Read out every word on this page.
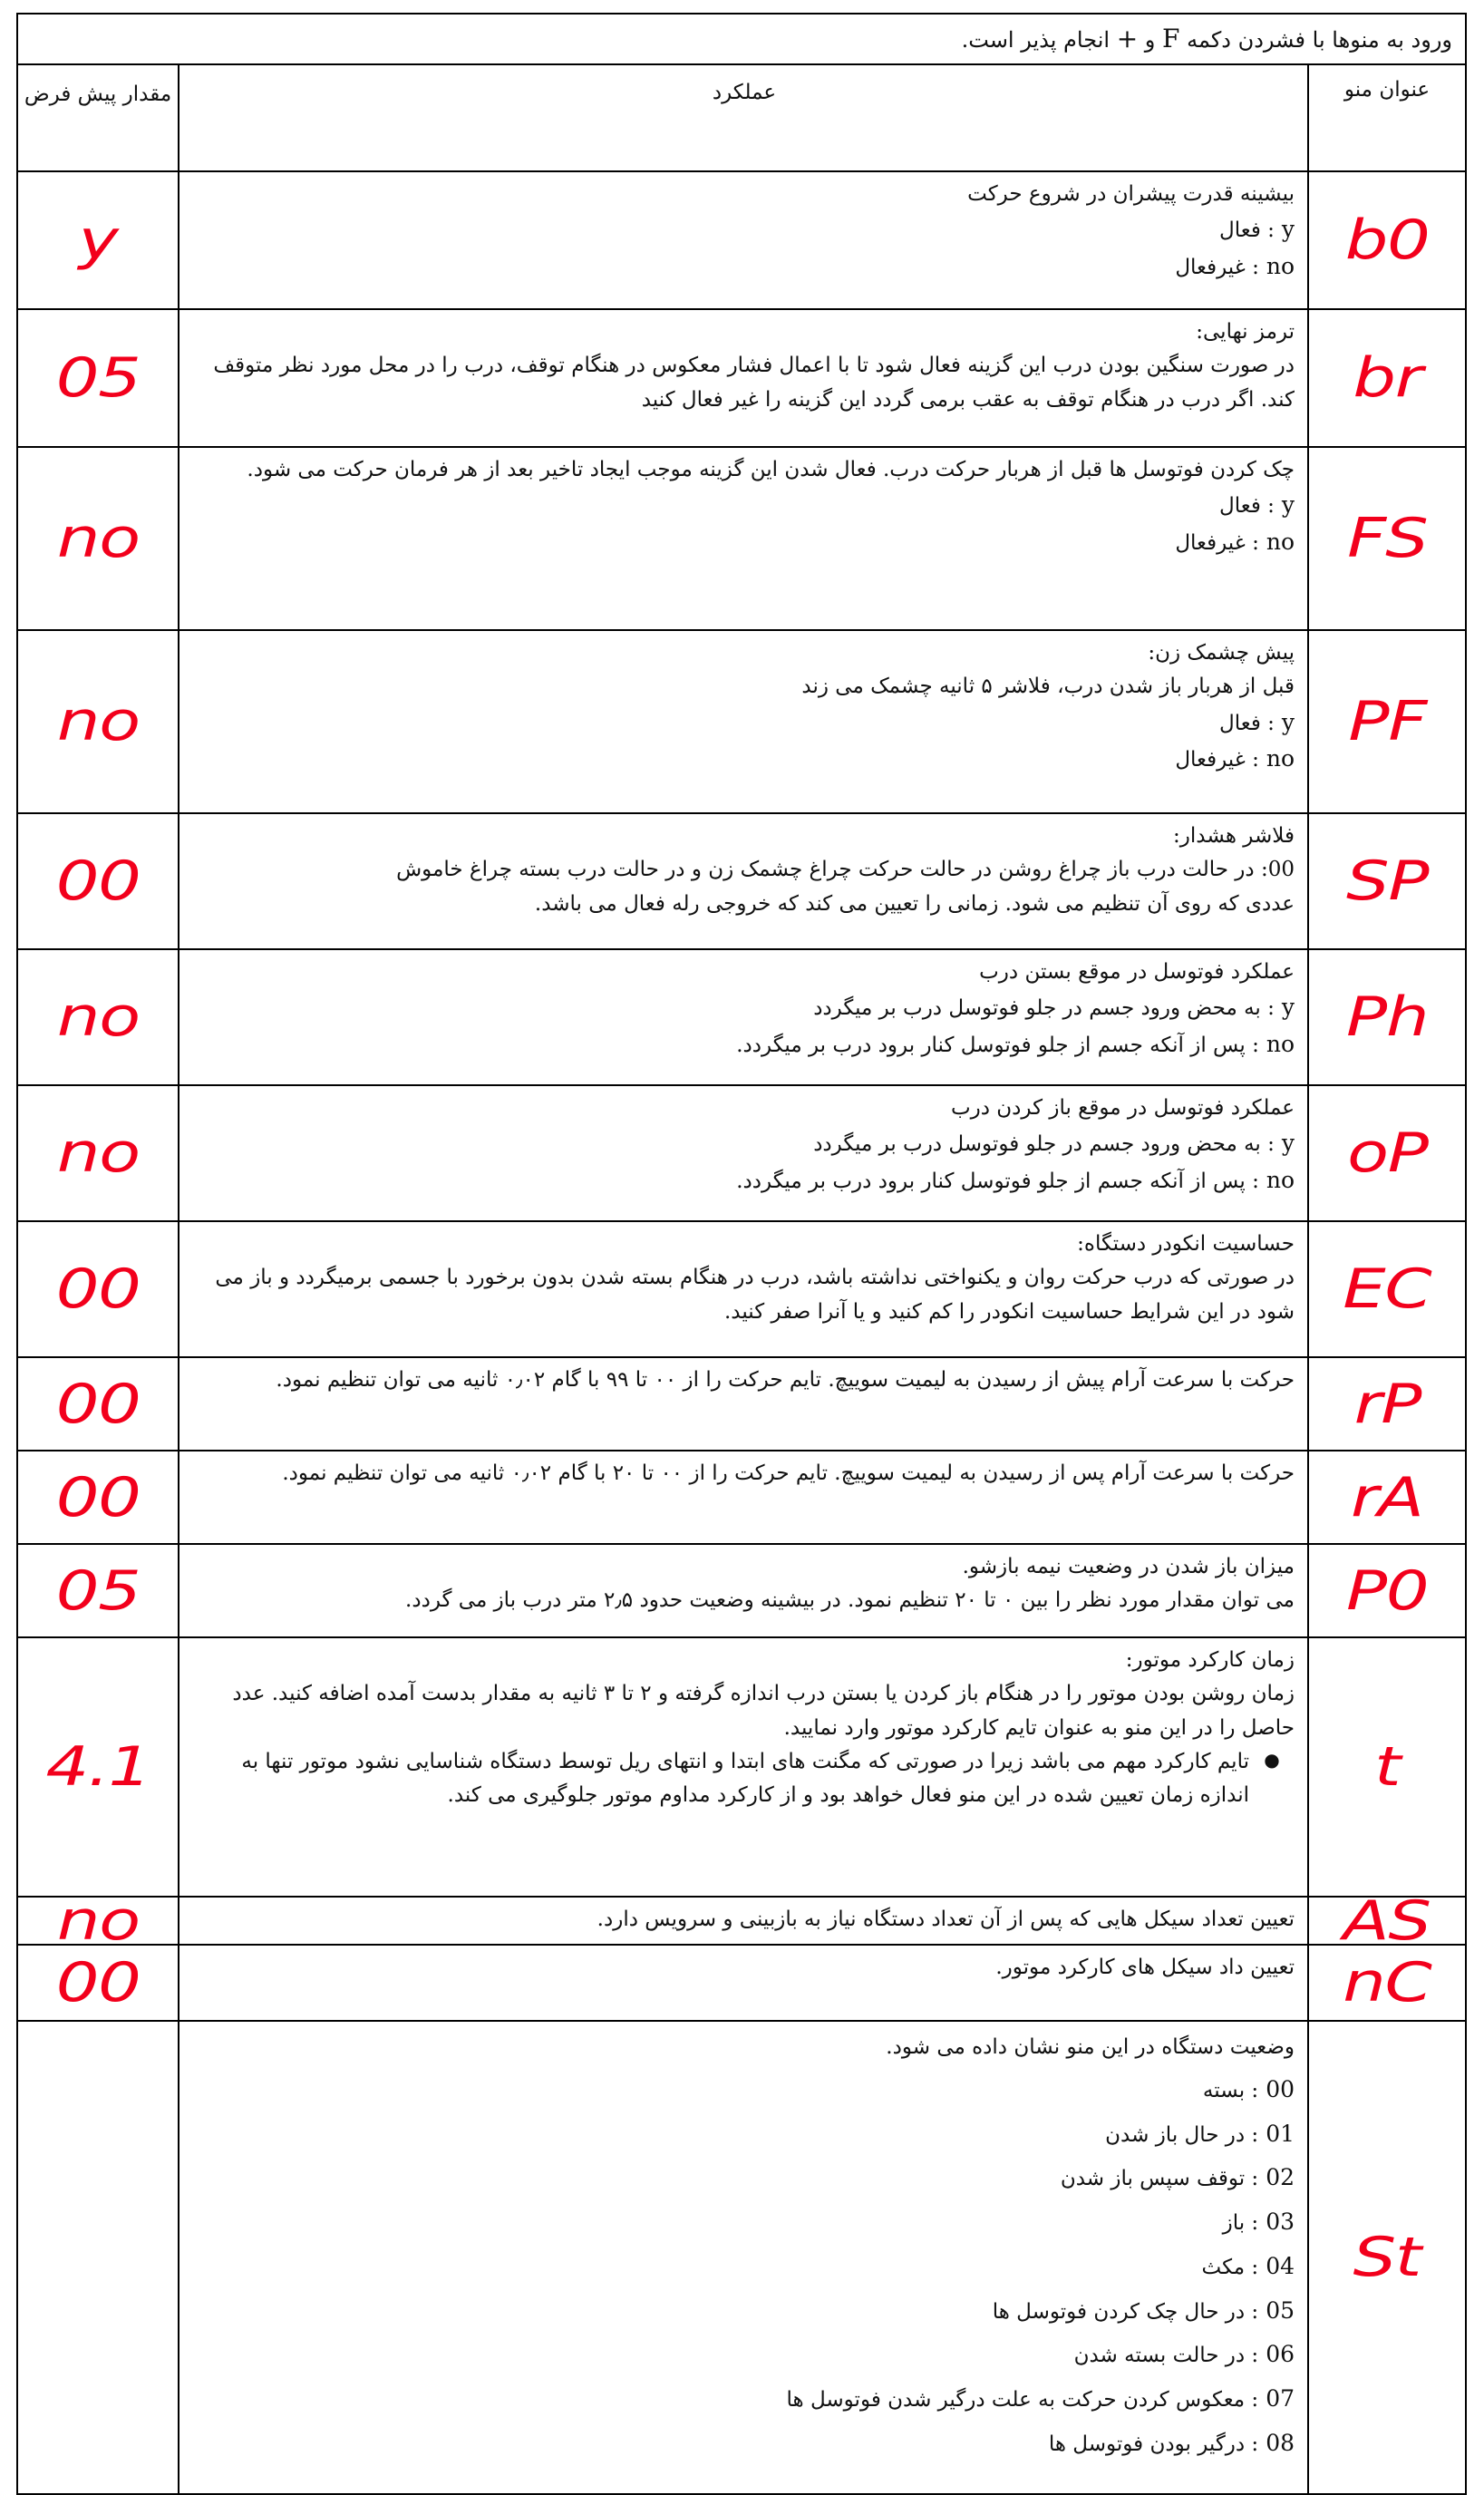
ورود به منوها با فشردن دکمه F و + انجام پذیر است.
عنوان منو
عملکرد
مقدار پیش فرض
b0
بیشینه قدرت پیشران در شروع حرکت
y: فعال
no: غیرفعال
y
br
ترمز نهایی:
در صورت سنگین بودن درب این گزینه فعال شود تا با اعمال فشار معکوس در هنگام توقف، درب را در محل مورد نظر متوقف کند. اگر درب در هنگام توقف به عقب برمی گردد این گزینه را غیر فعال کنید
05
FS
چک کردن فوتوسل ها قبل از هربار حرکت درب. فعال شدن این گزینه موجب ایجاد تاخیر بعد از هر فرمان حرکت می شود.
y: فعال
no: غیرفعال
no
PF
پیش چشمک زن:
قبل از هربار باز شدن درب، فلاشر ۵ ثانیه چشمک می زند
y: فعال
no: غیرفعال
no
SP
فلاشر هشدار:
00: در حالت درب باز چراغ روشن در حالت حرکت چراغ چشمک زن و در حالت درب بسته چراغ خاموش
عددی که روی آن تنظیم می شود. زمانی را تعیین می کند که خروجی رله فعال می باشد.
00
Ph
عملکرد فوتوسل در موقع بستن درب
y: به محض ورود جسم در جلو فوتوسل درب بر میگردد
no: پس از آنکه جسم از جلو فوتوسل کنار برود درب بر میگردد.
no
oP
عملکرد فوتوسل در موقع باز کردن درب
y: به محض ورود جسم در جلو فوتوسل درب بر میگردد
no: پس از آنکه جسم از جلو فوتوسل کنار برود درب بر میگردد.
no
EC
حساسیت انکودر دستگاه:
در صورتی که درب حرکت روان و یکنواختی نداشته باشد، درب در هنگام بسته شدن بدون برخورد با جسمی برمیگردد و باز می شود در این شرایط حساسیت انکودر را کم کنید و یا آنرا صفر کنید.
00
rP
حرکت با سرعت آرام پیش از رسیدن به لیمیت سوییچ. تایم حرکت را از ۰۰ تا ۹۹ با گام ۰٫۰۲ ثانیه می توان تنظیم نمود.
00
rA
حرکت با سرعت آرام پس از رسیدن به لیمیت سوییچ. تایم حرکت را از ۰۰ تا ۲۰ با گام ۰٫۰۲ ثانیه می توان تنظیم نمود.
00
P0
میزان باز شدن در وضعیت نیمه بازشو.
می توان مقدار مورد نظر را بین ۰ تا ۲۰ تنظیم نمود. در بیشینه وضعیت حدود ۲٫۵ متر درب باز می گردد.
05
t
زمان کارکرد موتور:
زمان روشن بودن موتور را در هنگام باز کردن یا بستن درب اندازه گرفته و ۲ تا ۳ ثانیه به مقدار بدست آمده اضافه کنید. عدد حاصل را در این منو به عنوان تایم کارکرد موتور وارد نمایید.
●
تایم کارکرد مهم می باشد زیرا در صورتی که مگنت های ابتدا و انتهای ریل توسط دستگاه شناسایی نشود موتور تنها به اندازه زمان تعیین شده در این منو فعال خواهد بود و از کارکرد مداوم موتور جلوگیری می کند.
4.1
AS
تعیین تعداد سیکل هایی که پس از آن تعداد دستگاه نیاز به بازبینی و سرویس دارد.
no
nC
تعیین داد سیکل های کارکرد موتور.
00
St
وضعیت دستگاه در این منو نشان داده می شود.
00: بسته
01: در حال باز شدن
02: توقف سپس باز شدن
03: باز
04: مکث
05: در حال چک کردن فوتوسل ها
06: در حالت بسته شدن
07: معکوس کردن حرکت به علت درگیر شدن فوتوسل ها
08: درگیر بودن فوتوسل ها
